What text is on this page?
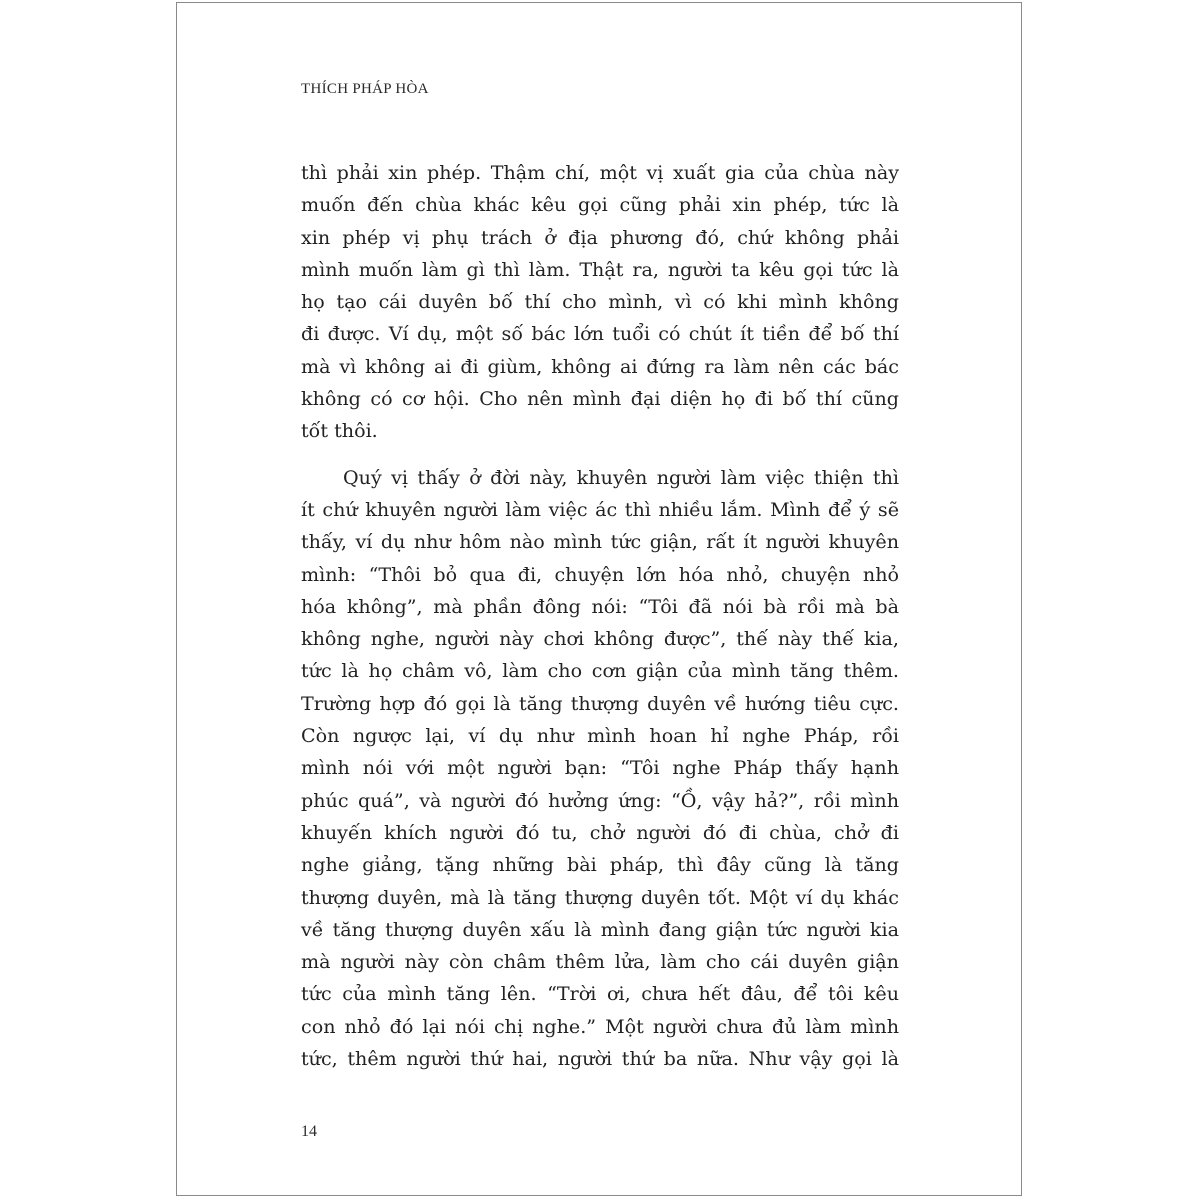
THÍCH PHÁP HÒA

thì phải xin phép. Thậm chí, một vị xuất gia của chùa này

muốn đến chùa khác kêu gọi cũng phải xin phép, tức là

xin phép vị phụ trách ở địa phương đó, chứ không phải

mình muốn làm gì thì làm. Thật ra, người ta kêu gọi tức là

họ tạo cái duyên bố thí cho mình, vì có khi mình không

đi được. Ví dụ, một số bác lớn tuổi có chút ít tiền để bố thí

mà vì không ai đi giùm, không ai đứng ra làm nên các bác

không có cơ hội. Cho nên mình đại diện họ đi bố thí cũng

tốt thôi.

Quý vị thấy ở đời này, khuyên người làm việc thiện thì

ít chứ khuyên người làm việc ác thì nhiều lắm. Mình để ý sẽ

thấy, ví dụ như hôm nào mình tức giận, rất ít người khuyên

mình: “Thôi bỏ qua đi, chuyện lớn hóa nhỏ, chuyện nhỏ

hóa không”, mà phần đông nói: “Tôi đã nói bà rồi mà bà

không nghe, người này chơi không được”, thế này thế kia,

tức là họ châm vô, làm cho cơn giận của mình tăng thêm.

Trường hợp đó gọi là tăng thượng duyên về hướng tiêu cực.

Còn ngược lại, ví dụ như mình hoan hỉ nghe Pháp, rồi

mình nói với một người bạn: “Tôi nghe Pháp thấy hạnh

phúc quá”, và người đó hưởng ứng: “Ồ, vậy hả?”, rồi mình

khuyến khích người đó tu, chở người đó đi chùa, chở đi

nghe giảng, tặng những bài pháp, thì đây cũng là tăng

thượng duyên, mà là tăng thượng duyên tốt. Một ví dụ khác

về tăng thượng duyên xấu là mình đang giận tức người kia

mà người này còn châm thêm lửa, làm cho cái duyên giận

tức của mình tăng lên. “Trời ơi, chưa hết đâu, để tôi kêu

con nhỏ đó lại nói chị nghe.” Một người chưa đủ làm mình

tức, thêm người thứ hai, người thứ ba nữa. Như vậy gọi là

14
